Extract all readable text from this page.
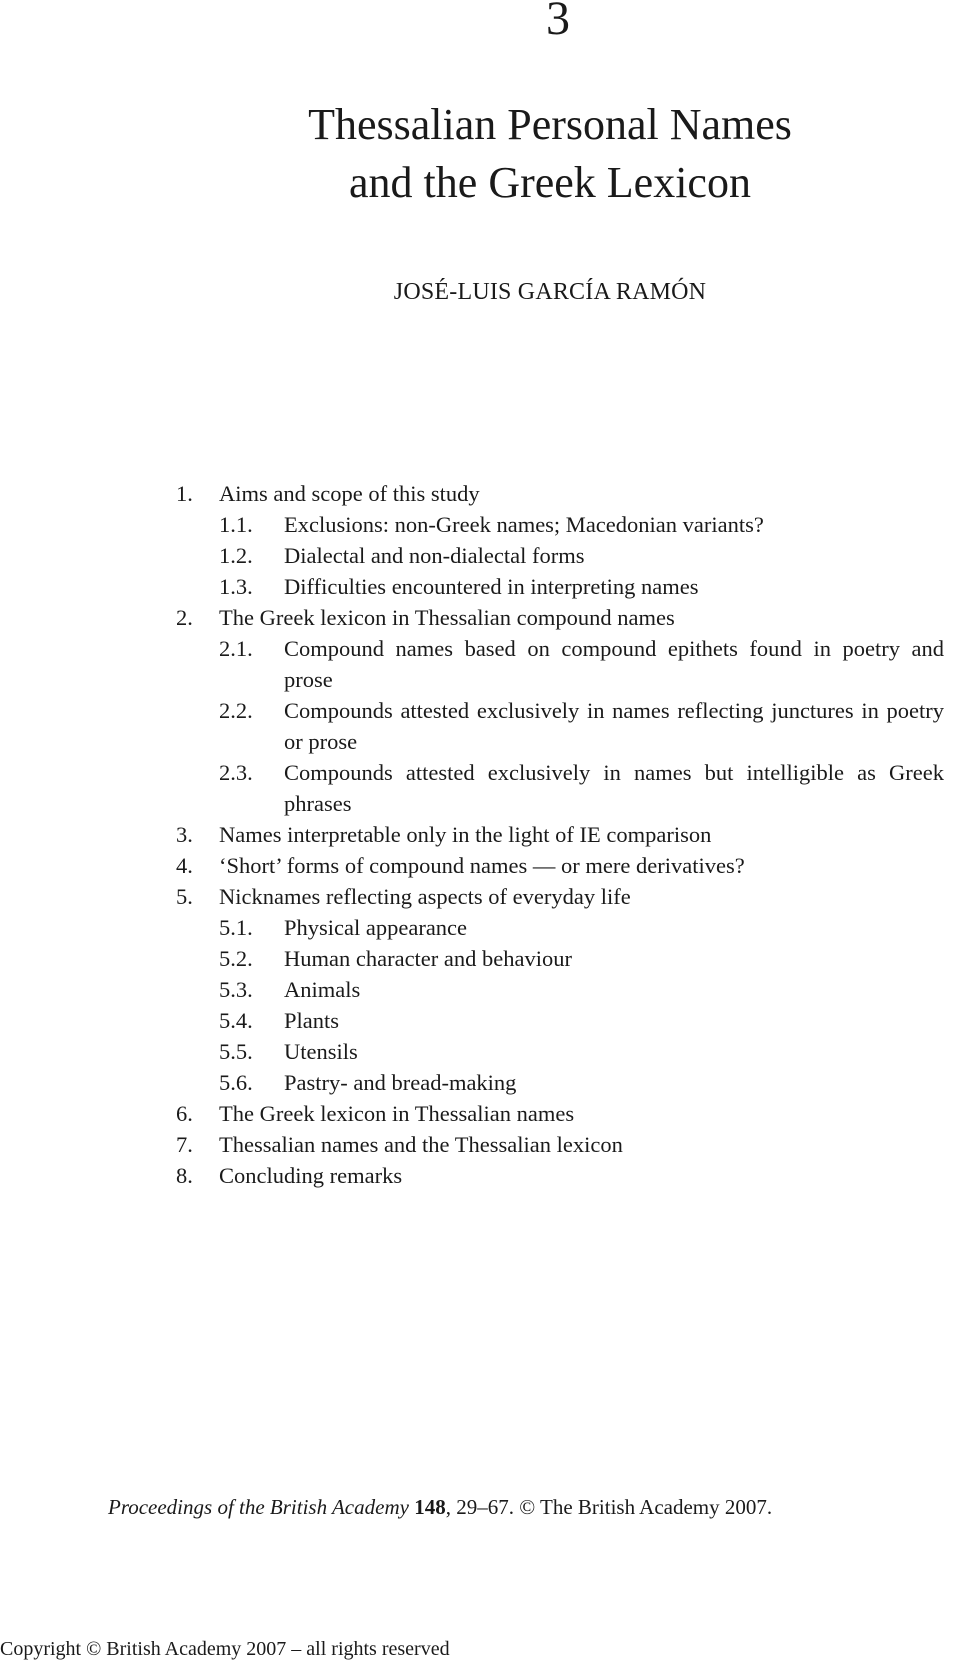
3
Thessalian Personal Names
and the Greek Lexicon
JOSÉ-LUIS GARCÍA RAMÓN
1. Aims and scope of this study
1.1. Exclusions: non-Greek names; Macedonian variants?
1.2. Dialectal and non-dialectal forms
1.3. Difficulties encountered in interpreting names
2. The Greek lexicon in Thessalian compound names
2.1. Compound names based on compound epithets found in poetry and prose
2.2. Compounds attested exclusively in names reflecting junctures in poetry or prose
2.3. Compounds attested exclusively in names but intelligible as Greek phrases
3. Names interpretable only in the light of IE comparison
4. ‘Short’ forms of compound names — or mere derivatives?
5. Nicknames reflecting aspects of everyday life
5.1. Physical appearance
5.2. Human character and behaviour
5.3. Animals
5.4. Plants
5.5. Utensils
5.6. Pastry- and bread-making
6. The Greek lexicon in Thessalian names
7. Thessalian names and the Thessalian lexicon
8. Concluding remarks
Proceedings of the British Academy 148, 29–67. © The British Academy 2007.
Copyright © British Academy 2007 – all rights reserved
